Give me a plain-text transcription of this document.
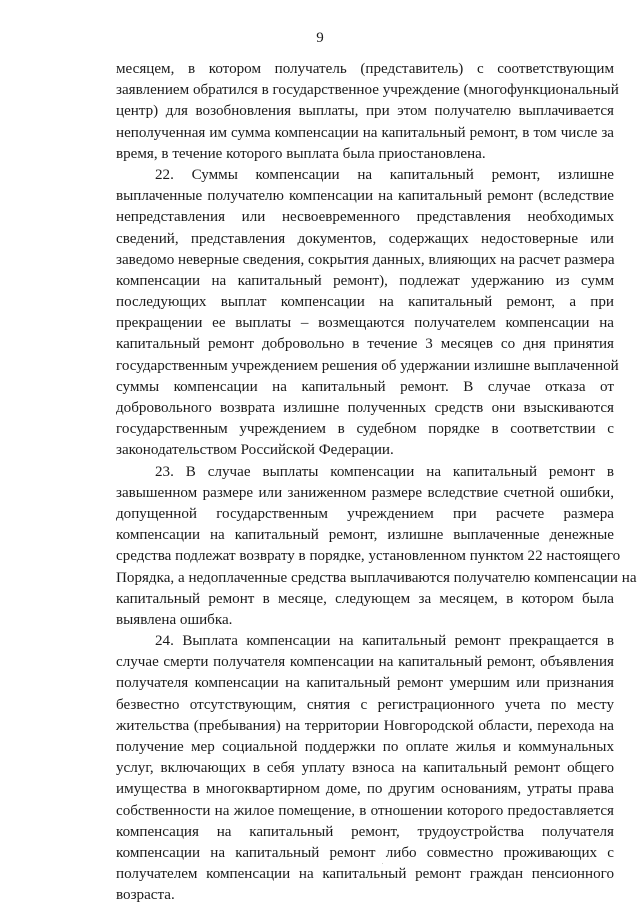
9
месяцем, в котором получатель (представитель) с соответствующим
заявлением обратился в государственное учреждение (многофункциональный
центр) для возобновления выплаты, при этом получателю выплачивается
неполученная им сумма компенсации на капитальный ремонт, в том числе за
время, в течение которого выплата была приостановлена.
22. Суммы компенсации на капитальный ремонт, излишне
выплаченные получателю компенсации на капитальный ремонт (вследствие
непредставления или несвоевременного представления необходимых
сведений, представления документов, содержащих недостоверные или
заведомо неверные сведения, сокрытия данных, влияющих на расчет размера
компенсации на капитальный ремонт), подлежат удержанию из сумм
последующих выплат компенсации на капитальный ремонт, а при
прекращении ее выплаты – возмещаются получателем компенсации на
капитальный ремонт добровольно в течение 3 месяцев со дня принятия
государственным учреждением решения об удержании излишне выплаченной
суммы компенсации на капитальный ремонт. В случае отказа от
добровольного возврата излишне полученных средств они взыскиваются
государственным учреждением в судебном порядке в соответствии с
законодательством Российской Федерации.
23. В случае выплаты компенсации на капитальный ремонт в
завышенном размере или заниженном размере вследствие счетной ошибки,
допущенной государственным учреждением при расчете размера
компенсации на капитальный ремонт, излишне выплаченные денежные
средства подлежат возврату в порядке, установленном пунктом 22 настоящего
Порядка, а недоплаченные средства выплачиваются получателю компенсации на
капитальный ремонт в месяце, следующем за месяцем, в котором была
выявлена ошибка.
24. Выплата компенсации на капитальный ремонт прекращается в
случае смерти получателя компенсации на капитальный ремонт, объявления
получателя компенсации на капитальный ремонт умершим или признания
безвестно отсутствующим, снятия с регистрационного учета по месту
жительства (пребывания) на территории Новгородской области, перехода на
получение мер социальной поддержки по оплате жилья и коммунальных
услуг, включающих в себя уплату взноса на капитальный ремонт общего
имущества в многоквартирном доме, по другим основаниям, утраты права
собственности на жилое помещение, в отношении которого предоставляется
компенсация на капитальный ремонт, трудоустройства получателя
компенсации на капитальный ремонт либо совместно проживающих с
получателем компенсации на капитальный ремонт граждан пенсионного
возраста.
